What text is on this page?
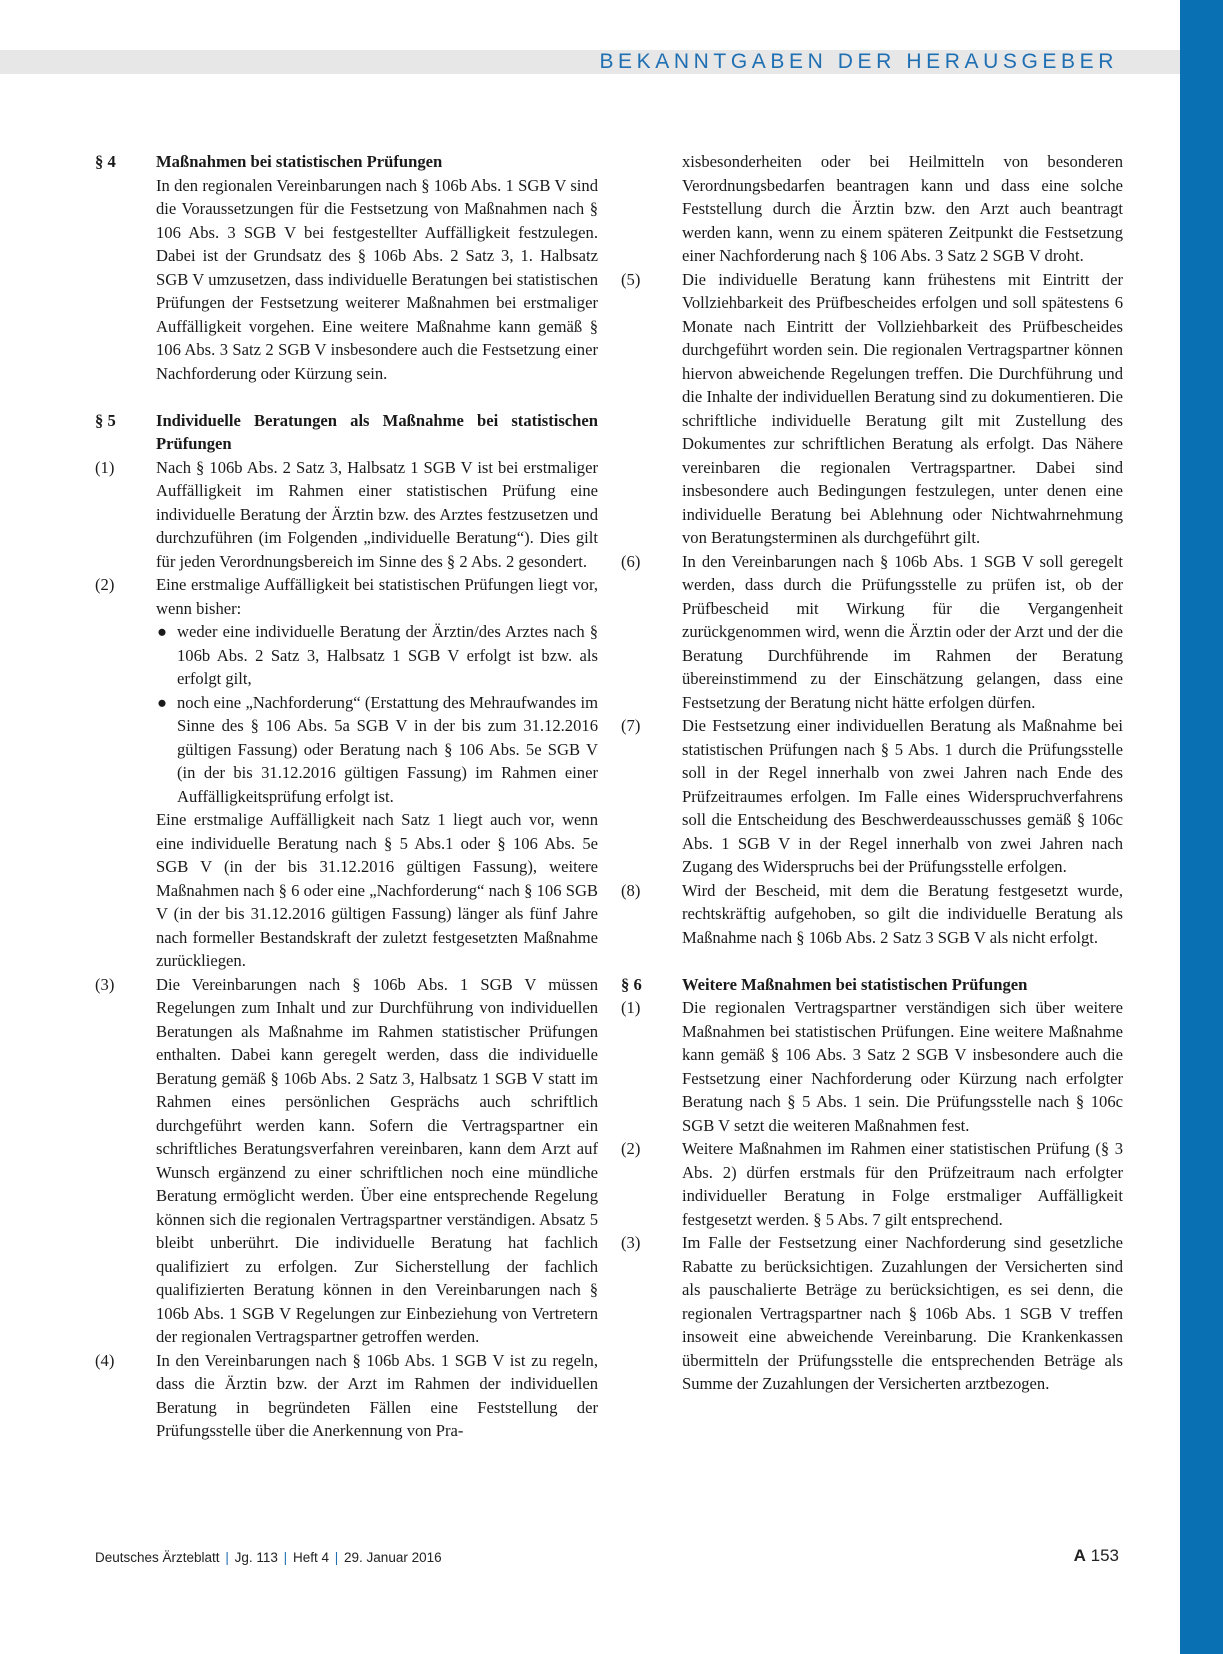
BEKANNTGABEN DER HERAUSGEBER
§ 4 Maßnahmen bei statistischen Prüfungen
In den regionalen Vereinbarungen nach § 106b Abs. 1 SGB V sind die Voraussetzungen für die Festsetzung von Maßnahmen nach § 106 Abs. 3 SGB V bei festgestellter Auffälligkeit festzulegen. Dabei ist der Grundsatz des § 106b Abs. 2 Satz 3, 1. Halbsatz SGB V umzusetzen, dass individuelle Beratungen bei statistischen Prüfungen der Festsetzung weiterer Maßnahmen bei erstmaliger Auffälligkeit vorgehen. Eine weitere Maßnahme kann gemäß § 106 Abs. 3 Satz 2 SGB V insbesondere auch die Festsetzung einer Nachforderung oder Kürzung sein.
§ 5 Individuelle Beratungen als Maßnahme bei statistischen Prüfungen
(1)	Nach § 106b Abs. 2 Satz 3, Halbsatz 1 SGB V ist bei erstmaliger Auffälligkeit im Rahmen einer statistischen Prüfung eine individuelle Beratung der Ärztin bzw. des Arztes festzusetzen und durchzuführen (im Folgenden „individuelle Beratung“). Dies gilt für jeden Verordnungsbereich im Sinne des § 2 Abs. 2 gesondert.
(2)	Eine erstmalige Auffälligkeit bei statistischen Prüfungen liegt vor, wenn bisher:
● weder eine individuelle Beratung der Ärztin/des Arztes nach § 106b Abs. 2 Satz 3, Halbsatz 1 SGB V erfolgt ist bzw. als erfolgt gilt,
● noch eine „Nachforderung“ (Erstattung des Mehraufwandes im Sinne des § 106 Abs. 5a SGB V in der bis zum 31.12.2016 gültigen Fassung) oder Beratung nach § 106 Abs. 5e SGB V (in der bis 31.12.2016 gültigen Fassung) im Rahmen einer Auffälligkeitsprüfung erfolgt ist.
Eine erstmalige Auffälligkeit nach Satz 1 liegt auch vor, wenn eine individuelle Beratung nach § 5 Abs.1 oder § 106 Abs. 5e SGB V (in der bis 31.12.2016 gültigen Fassung), weitere Maßnahmen nach § 6 oder eine „Nachforderung“ nach § 106 SGB V (in der bis 31.12.2016 gültigen Fassung) länger als fünf Jahre nach formeller Bestandskraft der zuletzt festgesetzten Maßnahme zurückliegen.
(3)	Die Vereinbarungen nach § 106b Abs. 1 SGB V müssen Regelungen zum Inhalt und zur Durchführung von individuellen Beratungen als Maßnahme im Rahmen statistischer Prüfungen enthalten. Dabei kann geregelt werden, dass die individuelle Beratung gemäß § 106b Abs. 2 Satz 3, Halbsatz 1 SGB V statt im Rahmen eines persönlichen Gesprächs auch schriftlich durchgeführt werden kann. Sofern die Vertragspartner ein schriftliches Beratungsverfahren vereinbaren, kann dem Arzt auf Wunsch ergänzend zu einer schriftlichen noch eine mündliche Beratung ermöglicht werden. Über eine entsprechende Regelung können sich die regionalen Vertragspartner verständigen. Absatz 5 bleibt unberührt. Die individuelle Beratung hat fachlich qualifiziert zu erfolgen. Zur Sicherstellung der fachlich qualifizierten Beratung können in den Vereinbarungen nach § 106b Abs. 1 SGB V Regelungen zur Einbeziehung von Vertretern der regionalen Vertragspartner getroffen werden.
(4)	In den Vereinbarungen nach § 106b Abs. 1 SGB V ist zu regeln, dass die Ärztin bzw. der Arzt im Rahmen der individuellen Beratung in begründeten Fällen eine Feststellung der Prüfungsstelle über die Anerkennung von Pra-
xisbesonderheiten oder bei Heilmitteln von besonderen Verordnungsbedarfen beantragen kann und dass eine solche Feststellung durch die Ärztin bzw. den Arzt auch beantragt werden kann, wenn zu einem späteren Zeitpunkt die Festsetzung einer Nachforderung nach § 106 Abs. 3 Satz 2 SGB V droht.
(5)	Die individuelle Beratung kann frühestens mit Eintritt der Vollziehbarkeit des Prüfbescheides erfolgen und soll spätestens 6 Monate nach Eintritt der Vollziehbarkeit des Prüfbescheides durchgeführt worden sein. Die regionalen Vertragspartner können hiervon abweichende Regelungen treffen. Die Durchführung und die Inhalte der individuellen Beratung sind zu dokumentieren. Die schriftliche individuelle Beratung gilt mit Zustellung des Dokumentes zur schriftlichen Beratung als erfolgt. Das Nähere vereinbaren die regionalen Vertragspartner. Dabei sind insbesondere auch Bedingungen festzulegen, unter denen eine individuelle Beratung bei Ablehnung oder Nichtwahrnehmung von Beratungsterminen als durchgeführt gilt.
(6)	In den Vereinbarungen nach § 106b Abs. 1 SGB V soll geregelt werden, dass durch die Prüfungsstelle zu prüfen ist, ob der Prüfbescheid mit Wirkung für die Vergangenheit zurückgenommen wird, wenn die Ärztin oder der Arzt und der die Beratung Durchführende im Rahmen der Beratung übereinstimmend zu der Einschätzung gelangen, dass eine Festsetzung der Beratung nicht hätte erfolgen dürfen.
(7)	Die Festsetzung einer individuellen Beratung als Maßnahme bei statistischen Prüfungen nach § 5 Abs. 1 durch die Prüfungsstelle soll in der Regel innerhalb von zwei Jahren nach Ende des Prüfzeitraumes erfolgen. Im Falle eines Widerspruchverfahrens soll die Entscheidung des Beschwerdeausschusses gemäß § 106c Abs. 1 SGB V in der Regel innerhalb von zwei Jahren nach Zugang des Widerspruchs bei der Prüfungsstelle erfolgen.
(8)	Wird der Bescheid, mit dem die Beratung festgesetzt wurde, rechtskräftig aufgehoben, so gilt die individuelle Beratung als Maßnahme nach § 106b Abs. 2 Satz 3 SGB V als nicht erfolgt.
§ 6 Weitere Maßnahmen bei statistischen Prüfungen
(1)	Die regionalen Vertragspartner verständigen sich über weitere Maßnahmen bei statistischen Prüfungen. Eine weitere Maßnahme kann gemäß § 106 Abs. 3 Satz 2 SGB V insbesondere auch die Festsetzung einer Nachforderung oder Kürzung nach erfolgter Beratung nach § 5 Abs. 1 sein. Die Prüfungsstelle nach § 106c SGB V setzt die weiteren Maßnahmen fest.
(2)	Weitere Maßnahmen im Rahmen einer statistischen Prüfung (§ 3 Abs. 2) dürfen erstmals für den Prüfzeitraum nach erfolgter individueller Beratung in Folge erstmaliger Auffälligkeit festgesetzt werden. § 5 Abs. 7 gilt entsprechend.
(3)	Im Falle der Festsetzung einer Nachforderung sind gesetzliche Rabatte zu berücksichtigen. Zuzahlungen der Versicherten sind als pauschalierte Beträge zu berücksichtigen, es sei denn, die regionalen Vertragspartner nach § 106b Abs. 1 SGB V treffen insoweit eine abweichende Vereinbarung. Die Krankenkassen übermitteln der Prüfungsstelle die entsprechenden Beträge als Summe der Zuzahlungen der Versicherten arztbezogen.
Deutsches Ärzteblatt | Jg. 113 | Heft 4 | 29. Januar 2016	A 153
